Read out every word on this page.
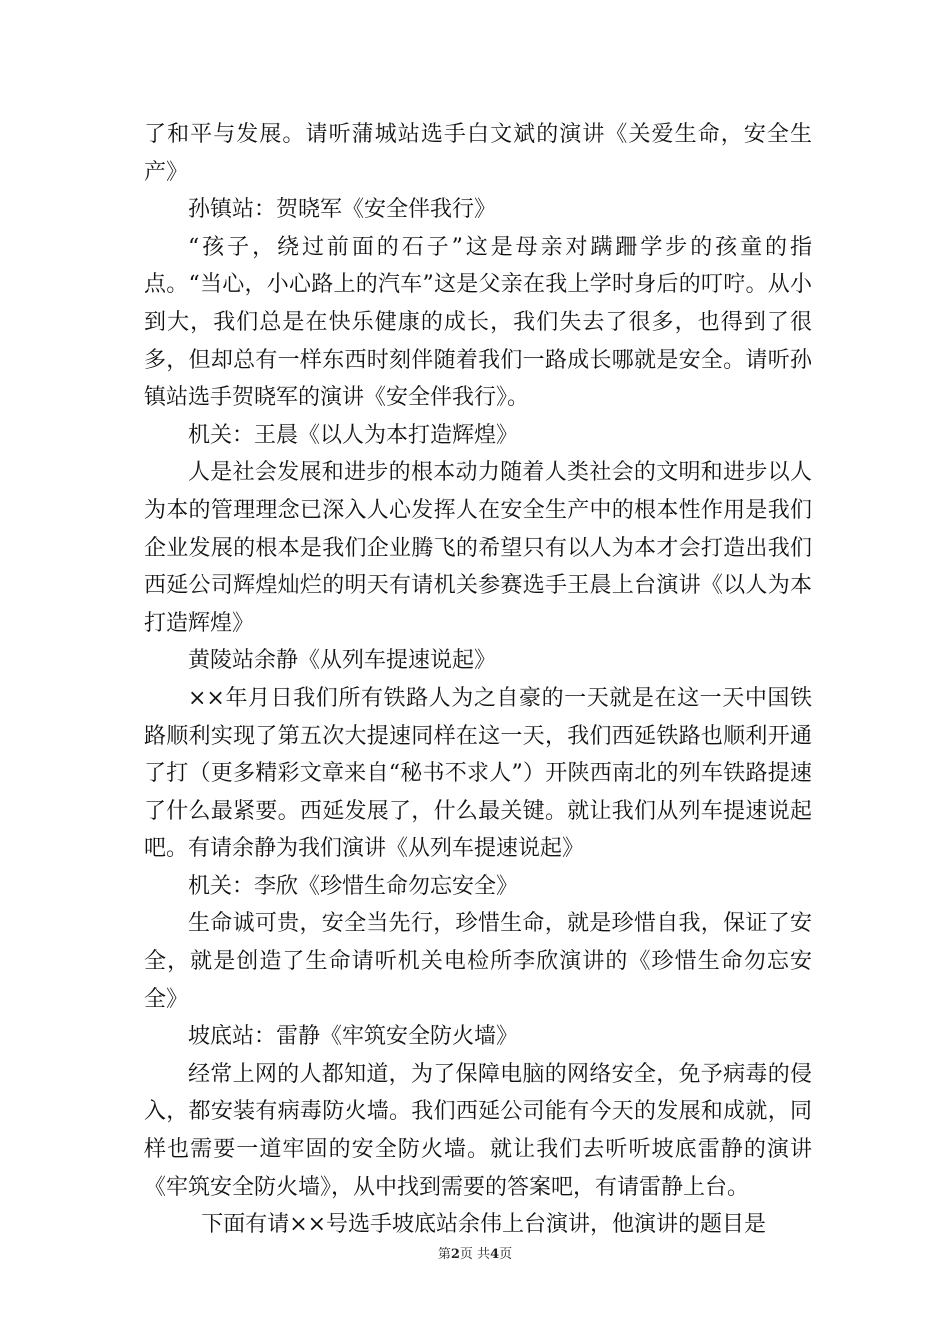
了和平与发展。请听蒲城站选手白文斌的演讲《关爱生命，安全生产》

孙镇站：贺晓军《安全伴我行》

“孩子，绕过前面的石子”这是母亲对蹒跚学步的孩童的指点。“当心，小心路上的汽车”这是父亲在我上学时身后的叮咛。从小到大，我们总是在快乐健康的成长，我们失去了很多，也得到了很多，但却总有一样东西时刻伴随着我们一路成长哪就是安全。请听孙镇站选手贺晓军的演讲《安全伴我行》。

机关：王晨《以人为本打造辉煌》

人是社会发展和进步的根本动力随着人类社会的文明和进步以人为本的管理理念已深入人心发挥人在安全生产中的根本性作用是我们企业发展的根本是我们企业腾飞的希望只有以人为本才会打造出我们西延公司辉煌灿烂的明天有请机关参赛选手王晨上台演讲《以人为本打造辉煌》

黄陵站余静《从列车提速说起》

××年月日我们所有铁路人为之自豪的一天就是在这一天中国铁路顺利实现了第五次大提速同样在这一天，我们西延铁路也顺利开通了打（更多精彩文章来自“秘书不求人”）开陕西南北的列车铁路提速了什么最紧要。西延发展了，什么最关键。就让我们从列车提速说起吧。有请余静为我们演讲《从列车提速说起》

机关：李欣《珍惜生命勿忘安全》

生命诚可贵，安全当先行，珍惜生命，就是珍惜自我，保证了安全，就是创造了生命请听机关电检所李欣演讲的《珍惜生命勿忘安全》

坡底站：雷静《牢筑安全防火墙》

经常上网的人都知道，为了保障电脑的网络安全，免予病毒的侵入，都安装有病毒防火墙。我们西延公司能有今天的发展和成就，同样也需要一道牢固的安全防火墙。就让我们去听听坡底雷静的演讲《牢筑安全防火墙》，从中找到需要的答案吧，有请雷静上台。

下面有请××号选手坡底站余伟上台演讲，他演讲的题目是

第2页 共4页
